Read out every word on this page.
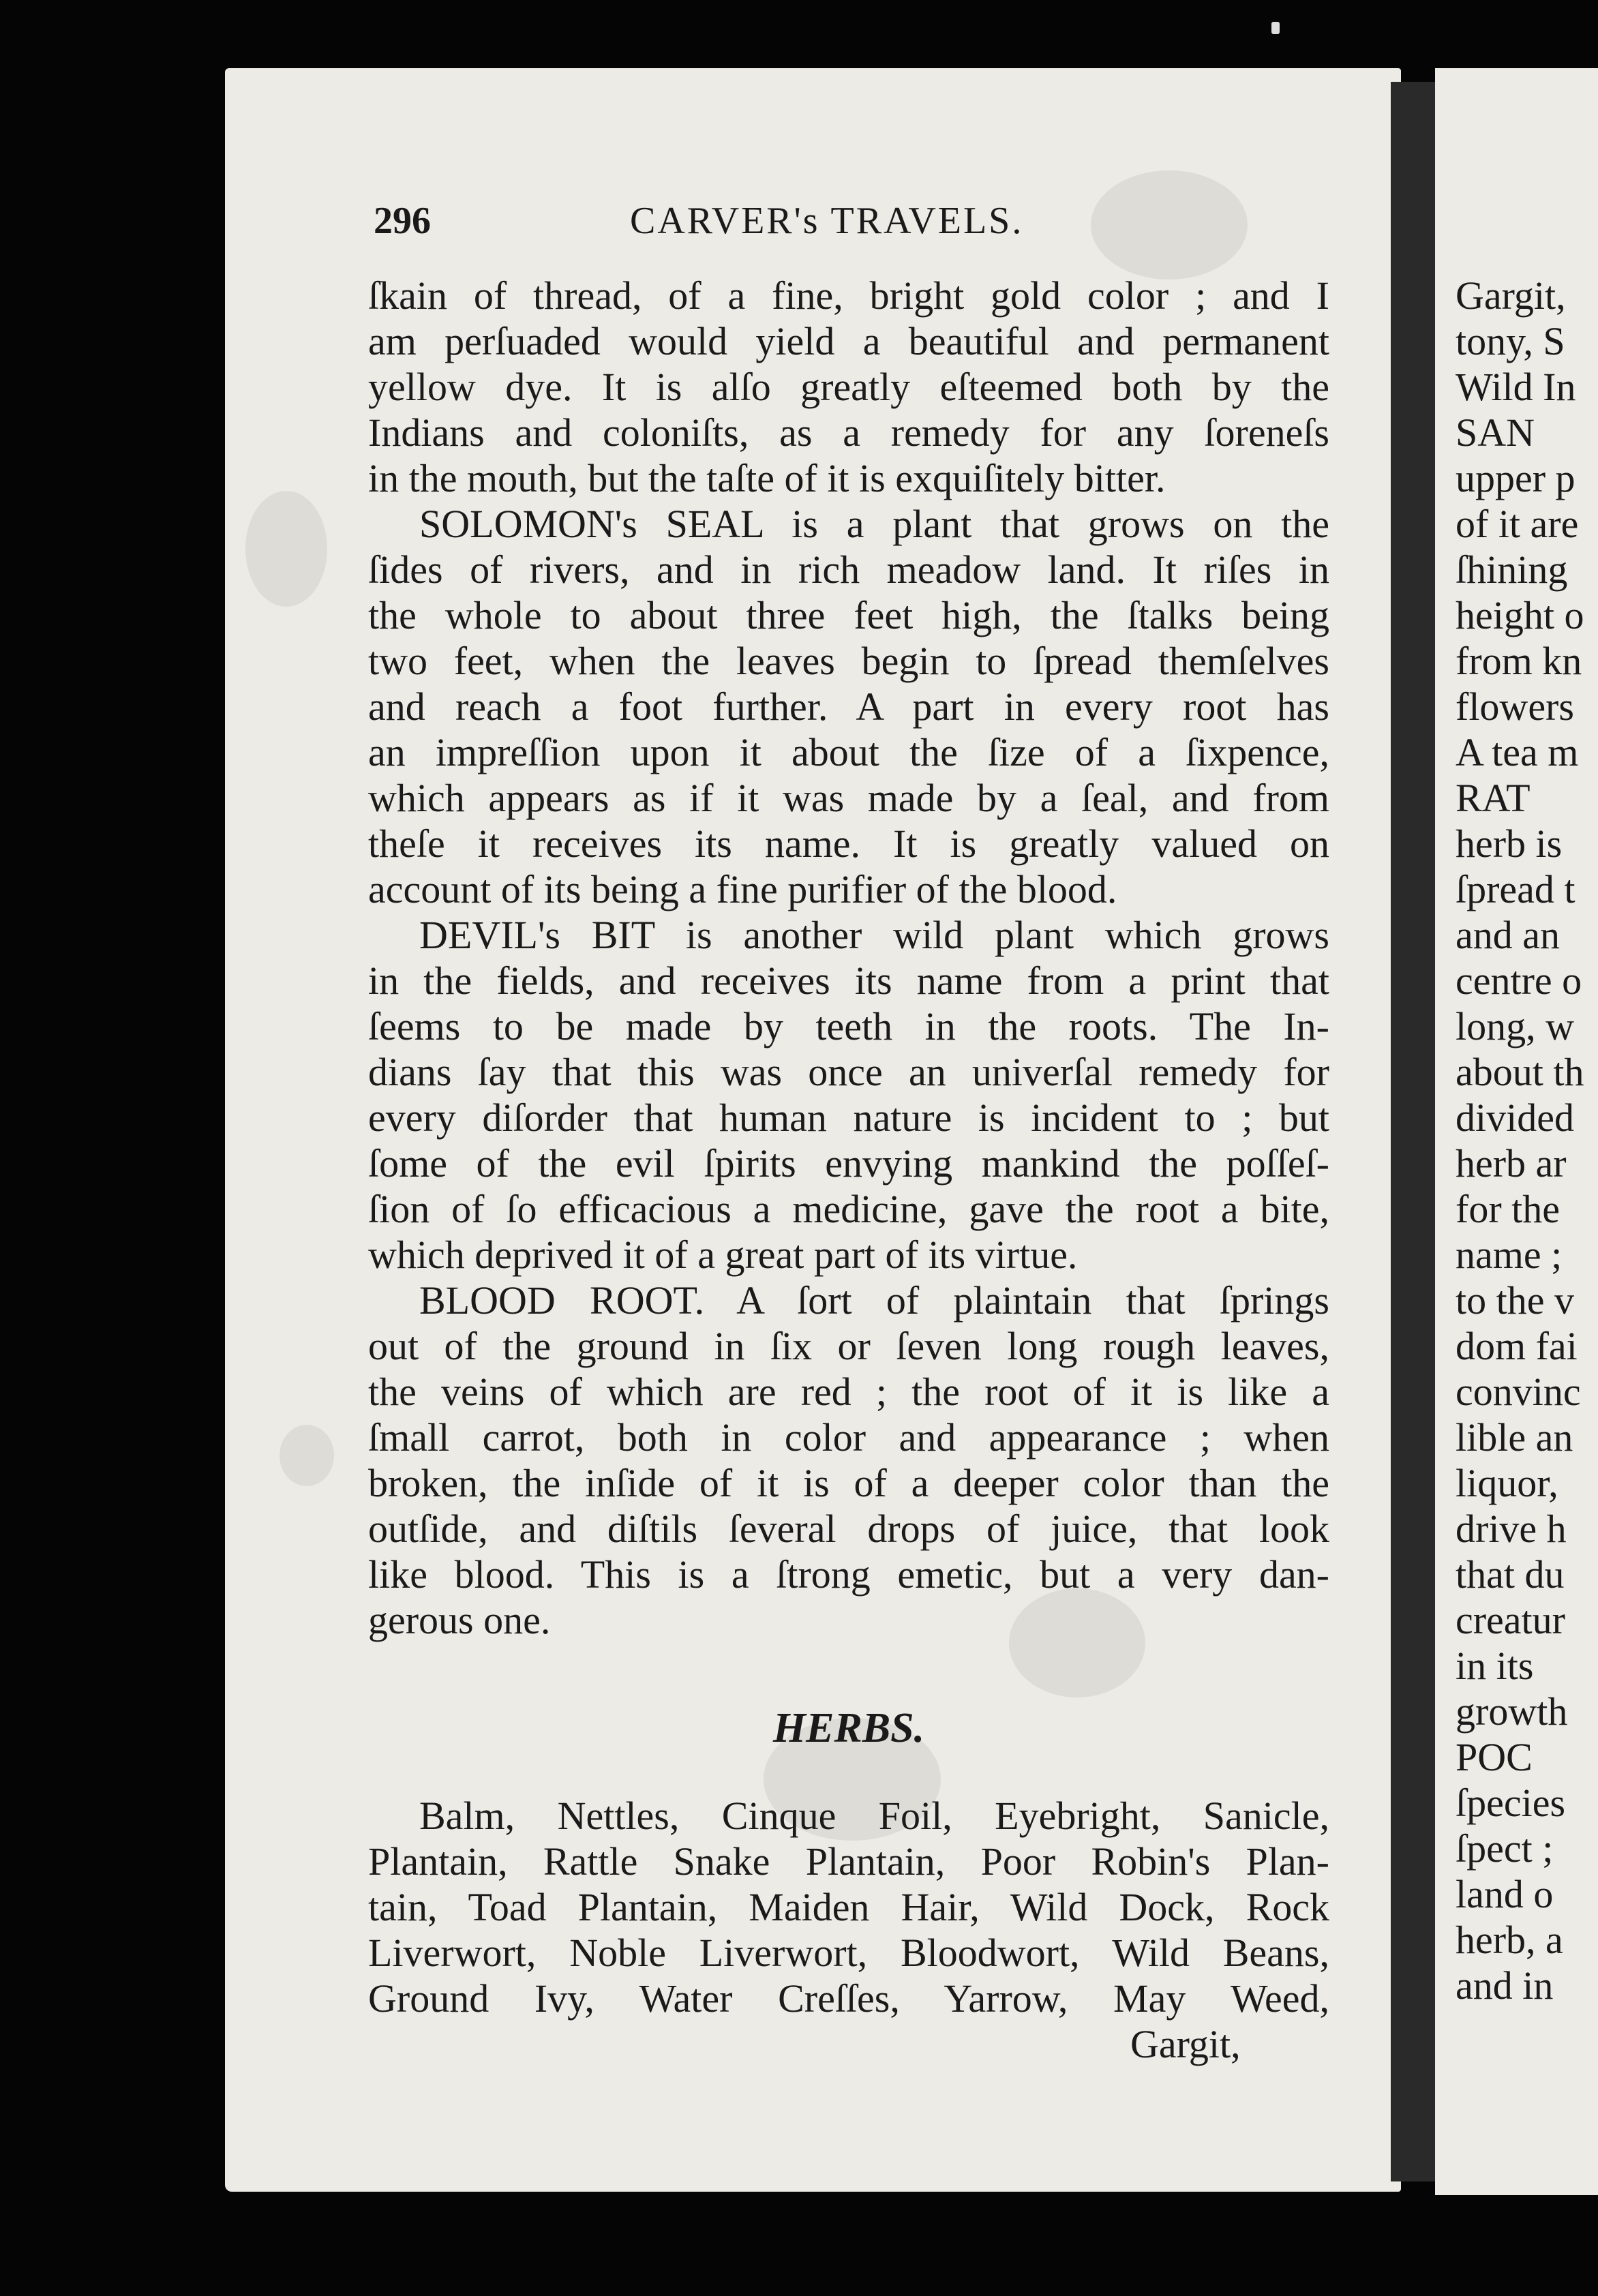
296	CARVER's TRAVELS.
ſkain of thread, of a fine, bright gold color ; and I
am perſuaded would yield a beautiful and permanent
yellow dye. It is alſo greatly eſteemed both by the
Indians and coloniſts, as a remedy for any ſoreneſs
in the mouth, but the taſte of it is exquiſitely bitter.
SOLOMON's SEAL is a plant that grows on the
ſides of rivers, and in rich meadow land. It riſes in
the whole to about three feet high, the ſtalks being
two feet, when the leaves begin to ſpread themſelves
and reach a foot further. A part in every root has
an impreſſion upon it about the ſize of a ſixpence,
which appears as if it was made by a ſeal, and from
theſe it receives its name. It is greatly valued on
account of its being a fine purifier of the blood.
DEVIL's BIT is another wild plant which grows
in the fields, and receives its name from a print that
ſeems to be made by teeth in the roots. The In-
dians ſay that this was once an univerſal remedy for
every diſorder that human nature is incident to ; but
ſome of the evil ſpirits envying mankind the poſſeſ-
ſion of ſo efficacious a medicine, gave the root a bite,
which deprived it of a great part of its virtue.
BLOOD ROOT. A ſort of plaintain that ſprings
out of the ground in ſix or ſeven long rough leaves,
the veins of which are red ; the root of it is like a
ſmall carrot, both in color and appearance ; when
broken, the inſide of it is of a deeper color than the
outſide, and diſtils ſeveral drops of juice, that look
like blood. This is a ſtrong emetic, but a very dan-
gerous one.
HERBS.
Balm, Nettles, Cinque Foil, Eyebright, Sanicle,
Plantain, Rattle Snake Plantain, Poor Robin's Plan-
tain, Toad Plantain, Maiden Hair, Wild Dock, Rock
Liverwort, Noble Liverwort, Bloodwort, Wild Beans,
Ground Ivy, Water Creſſes, Yarrow, May Weed,
Gargit,
Gargit,
tony, S
Wild In
SAN
upper p
of it are
ſhining
height o
from kn
flowers
A tea m
RAT
herb is
ſpread t
and an
centre o
long, w
about th
divided
herb ar
for the
name ;
to the v
dom fai
convinc
lible an
liquor,
drive h
that du
creatur
in its
growth
POC
ſpecies
ſpect ;
land o
herb, a
and in
